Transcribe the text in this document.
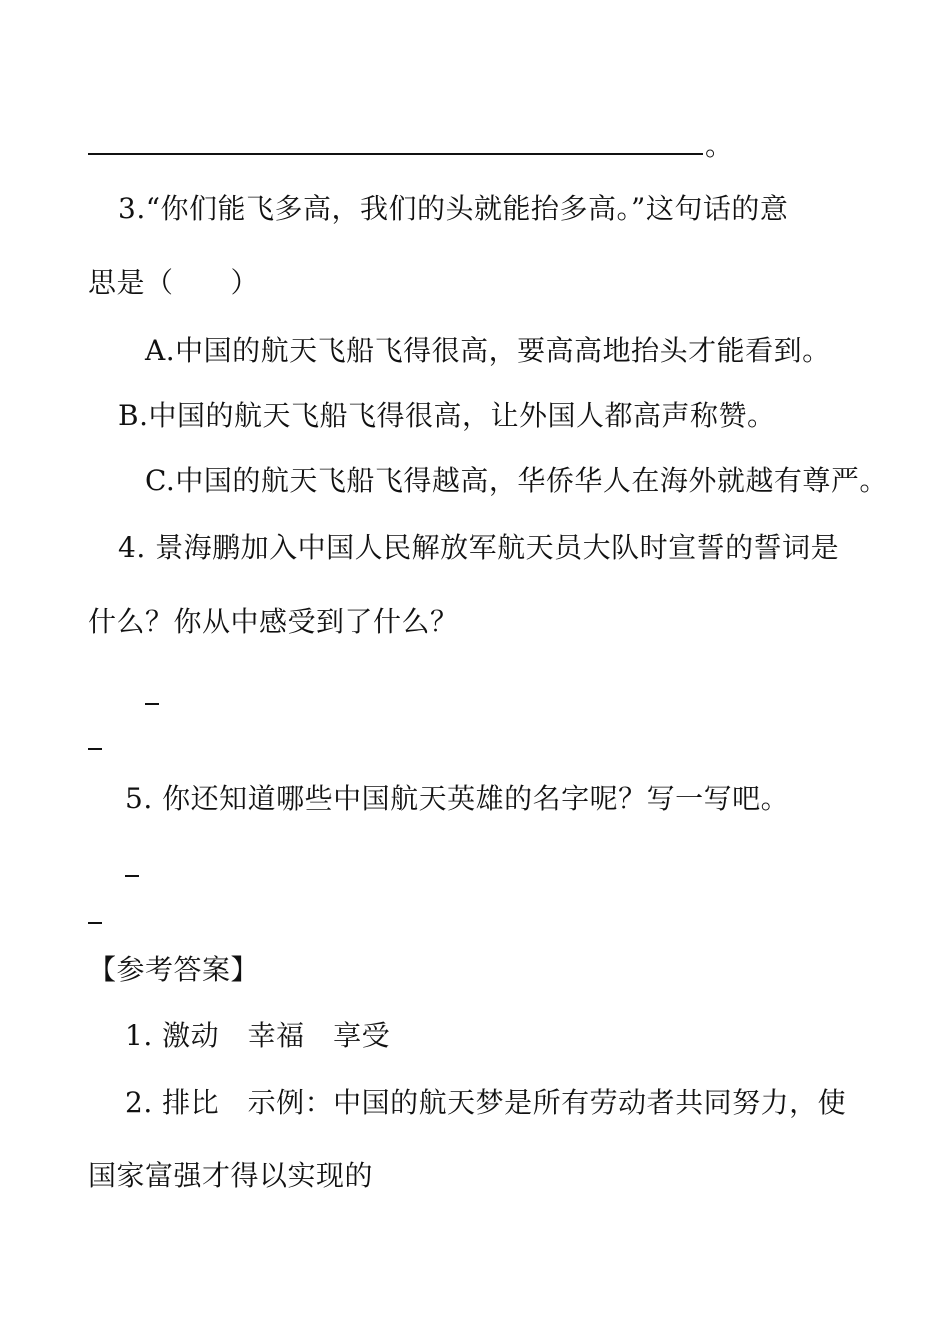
。
3.“你们能飞多高，我们的头就能抬多高。”这句话的意
思是（　　）
A.中国的航天飞船飞得很高，要高高地抬头才能看到。
B.中国的航天飞船飞得很高，让外国人都高声称赞。
C.中国的航天飞船飞得越高，华侨华人在海外就越有尊严。
4. 景海鹏加入中国人民解放军航天员大队时宣誓的誓词是
什么？你从中感受到了什么？
5. 你还知道哪些中国航天英雄的名字呢？写一写吧。
【参考答案】
1. 激动　幸福　享受
2. 排比　示例：中国的航天梦是所有劳动者共同努力，使
国家富强才得以实现的
